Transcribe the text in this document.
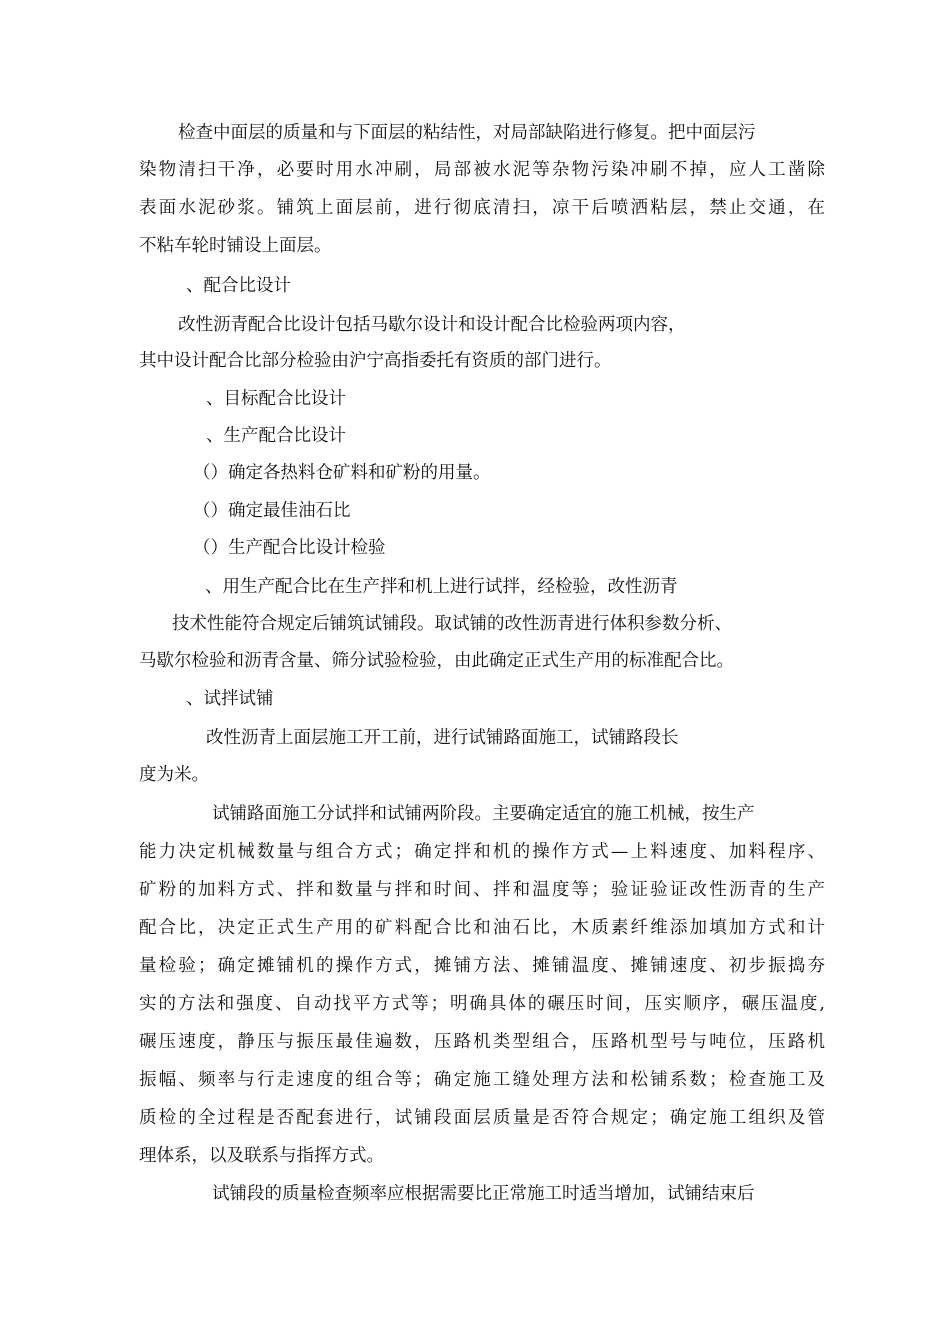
检查中面层的质量和与下面层的粘结性，对局部缺陷进行修复。把中面层污
染物清扫干净，必要时用水冲刷，局部被水泥等杂物污染冲刷不掉，应人工凿除
表面水泥砂浆。铺筑上面层前，进行彻底清扫，凉干后喷洒粘层，禁止交通，在
不粘车轮时铺设上面层。
、配合比设计
改性沥青配合比设计包括马歇尔设计和设计配合比检验两项内容，
其中设计配合比部分检验由沪宁高指委托有资质的部门进行。
、目标配合比设计
、生产配合比设计
（）确定各热料仓矿料和矿粉的用量。
（）确定最佳油石比
（）生产配合比设计检验
、用生产配合比在生产拌和机上进行试拌，经检验，改性沥青
技术性能符合规定后铺筑试铺段。取试铺的改性沥青进行体积参数分析、
马歇尔检验和沥青含量、筛分试验检验，由此确定正式生产用的标准配合比。
、试拌试铺
改性沥青上面层施工开工前，进行试铺路面施工，试铺路段长
度为米。
试铺路面施工分试拌和试铺两阶段。主要确定适宜的施工机械，按生产
能力决定机械数量与组合方式；确定拌和机的操作方式—上料速度、加料程序、
矿粉的加料方式、拌和数量与拌和时间、拌和温度等；验证验证改性沥青的生产
配合比，决定正式生产用的矿料配合比和油石比，木质素纤维添加填加方式和计
量检验；确定摊铺机的操作方式，摊铺方法、摊铺温度、摊铺速度、初步振捣夯
实的方法和强度、自动找平方式等；明确具体的碾压时间，压实顺序，碾压温度,
碾压速度，静压与振压最佳遍数，压路机类型组合，压路机型号与吨位，压路机
振幅、频率与行走速度的组合等；确定施工缝处理方法和松铺系数；检查施工及
质检的全过程是否配套进行，试铺段面层质量是否符合规定；确定施工组织及管
理体系，以及联系与指挥方式。
试铺段的质量检查频率应根据需要比正常施工时适当增加，试铺结束后
